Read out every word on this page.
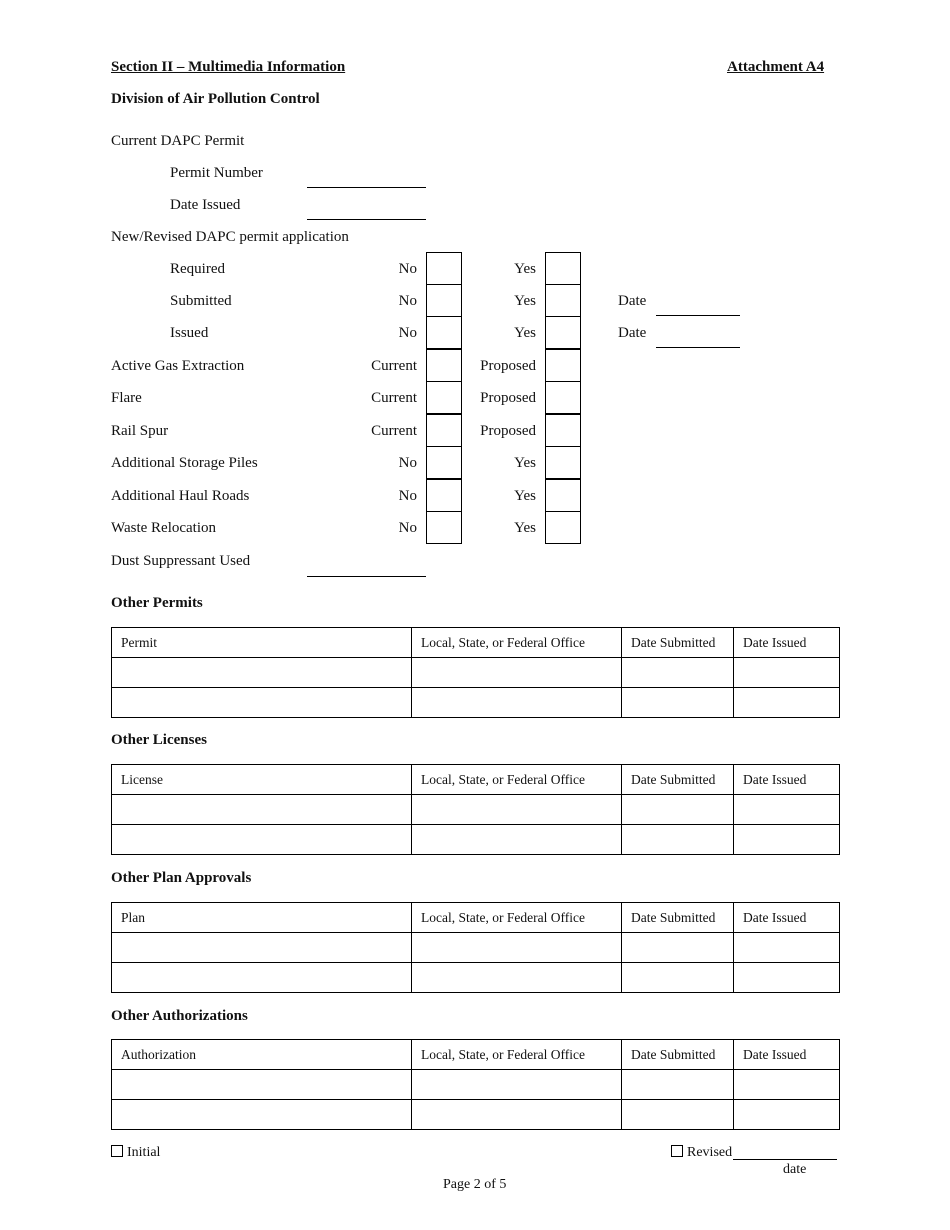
Section II – Multimedia Information	Attachment A4
Division of Air Pollution Control
Current DAPC Permit
Permit Number
Date Issued
New/Revised DAPC permit application
Required	No	Yes
Submitted	No	Yes	Date
Issued	No	Yes	Date
Active Gas Extraction	Current	Proposed
Flare	Current	Proposed
Rail Spur	Current	Proposed
Additional Storage Piles	No	Yes
Additional Haul Roads	No	Yes
Waste Relocation	No	Yes
Dust Suppressant Used
Other Permits
Permit	Local, State, or Federal Office	Date Submitted	Date Issued

Other Licenses
License	Local, State, or Federal Office	Date Submitted	Date Issued

Other Plan Approvals
Plan	Local, State, or Federal Office	Date Submitted	Date Issued

Other Authorizations
Authorization	Local, State, or Federal Office	Date Submitted	Date Issued

Initial	Revised
date
Page 2 of 5
